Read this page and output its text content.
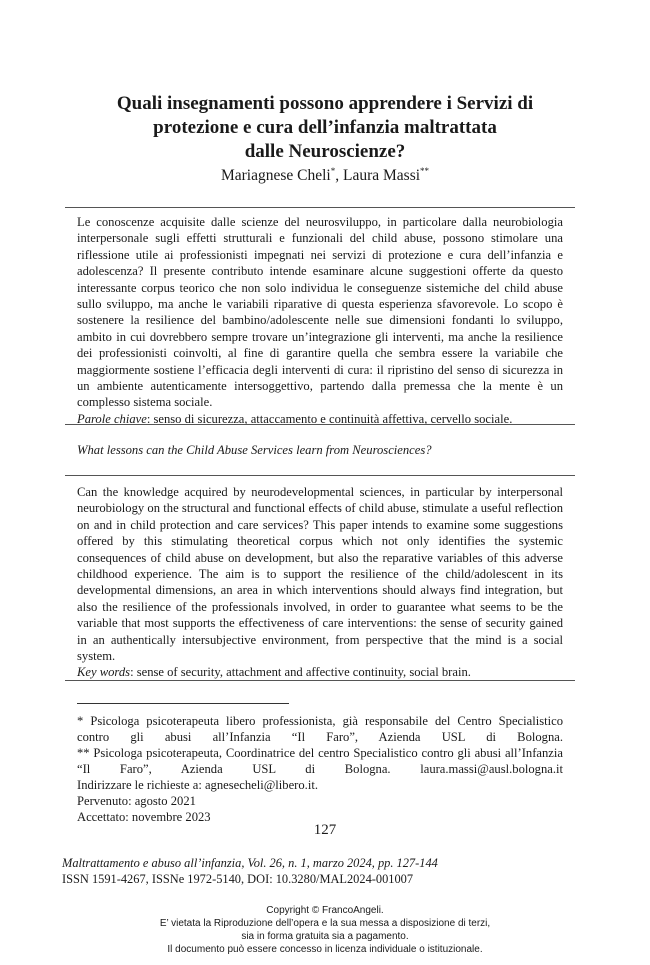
Quali insegnamenti possono apprendere i Servizi di
protezione e cura dell’infanzia maltrattata
dalle Neuroscienze?

Mariagnese Cheli*, Laura Massi**

Le conoscenze acquisite dalle scienze del neurosviluppo, in particolare dalla neurobiologia interpersonale sugli effetti strutturali e funzionali del child abuse, possono stimolare una riflessione utile ai professionisti impegnati nei servizi di protezione e cura dell’infanzia e adolescenza? Il presente contributo intende esaminare alcune suggestioni offerte da questo interessante corpus teorico che non solo individua le conseguenze sistemiche del child abuse sullo sviluppo, ma anche le variabili riparative di questa esperienza sfavorevole. Lo scopo è sostenere la resilience del bambino/adolescente nelle sue dimensioni fondanti lo sviluppo, ambito in cui dovrebbero sempre trovare un’integrazione gli interventi, ma anche la resilience dei professionisti coinvolti, al fine di garantire quella che sembra essere la variabile che maggiormente sostiene l’efficacia degli interventi di cura: il ripristino del senso di sicurezza in un ambiente autenticamente intersoggettivo, partendo dalla premessa che la mente è un complesso sistema sociale.
Parole chiave: senso di sicurezza, attaccamento e continuità affettiva, cervello sociale.

What lessons can the Child Abuse Services learn from Neurosciences?

Can the knowledge acquired by neurodevelopmental sciences, in particular by interpersonal neurobiology on the structural and functional effects of child abuse, stimulate a useful reflection on and in child protection and care services? This paper intends to examine some suggestions offered by this stimulating theoretical corpus which not only identifies the systemic consequences of child abuse on development, but also the reparative variables of this adverse childhood experience. The aim is to support the resilience of the child/adolescent in its developmental dimensions, an area in which interventions should always find integration, but also the resilience of the professionals involved, in order to guarantee what seems to be the variable that most supports the effectiveness of care interventions: the sense of security gained in an authentically intersubjective environment, from perspective that the mind is a social system.
Key words: sense of security, attachment and affective continuity, social brain.

* Psicologa psicoterapeuta libero professionista, già responsabile del Centro Specialistico contro gli abusi all’Infanzia “Il Faro”, Azienda USL di Bologna.
** Psicologa psicoterapeuta, Coordinatrice del centro Specialistico contro gli abusi all’Infanzia “Il Faro”, Azienda USL di Bologna. laura.massi@ausl.bologna.it
Indirizzare le richieste a: agnesecheli@libero.it.
Pervenuto: agosto 2021
Accettato: novembre 2023

127

Maltrattamento e abuso all’infanzia, Vol. 26, n. 1, marzo 2024, pp. 127-144
ISSN 1591-4267, ISSNe 1972-5140, DOI: 10.3280/MAL2024-001007

Copyright © FrancoAngeli.
E’ vietata la Riproduzione dell’opera e la sua messa a disposizione di terzi,
sia in forma gratuita sia a pagamento.
Il documento può essere concesso in licenza individuale o istituzionale.
